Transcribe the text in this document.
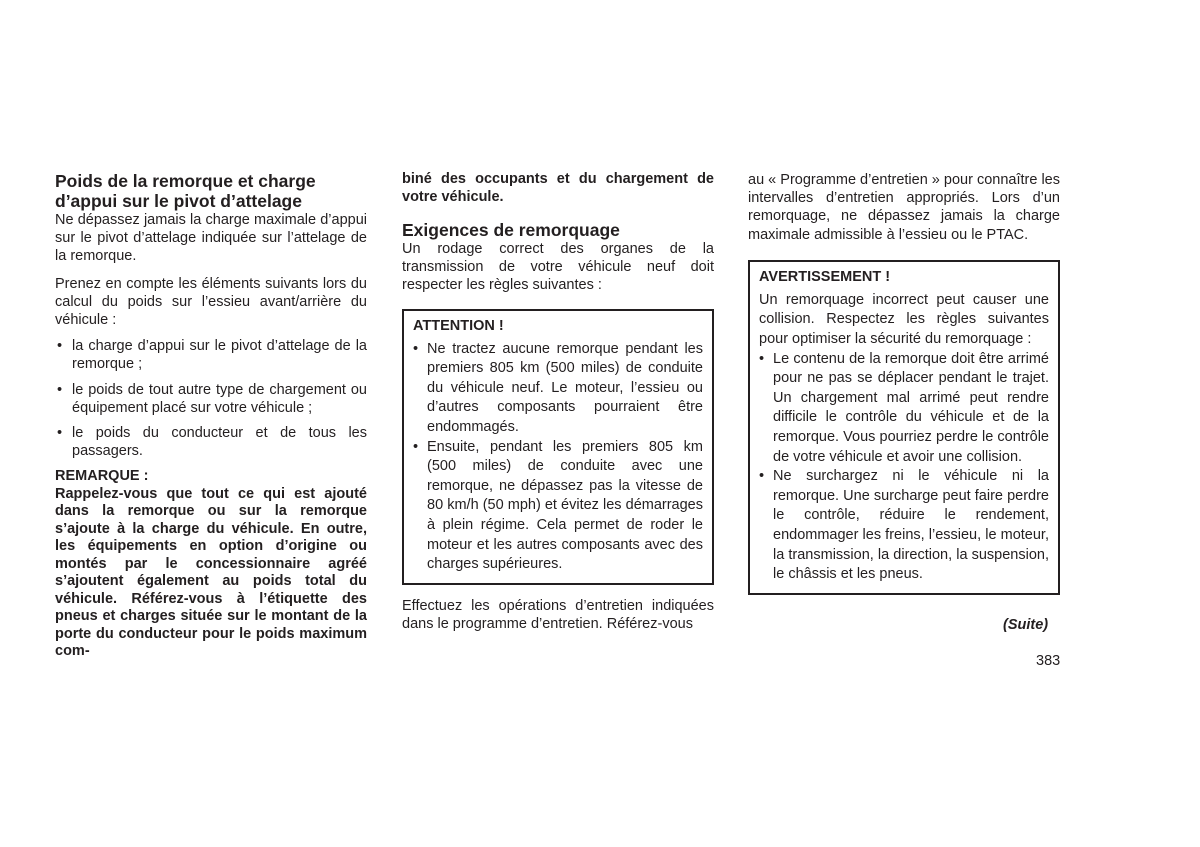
Poids de la remorque et charge d’appui sur le pivot d’attelage

Ne dépassez jamais la charge maximale d’appui sur le pivot d’attelage indiquée sur l’attelage de la remorque.

Prenez en compte les éléments suivants lors du calcul du poids sur l’essieu avant/arrière du véhicule :

• la charge d’appui sur le pivot d’attelage de la remorque ;
• le poids de tout autre type de chargement ou équipement placé sur votre véhicule ;
• le poids du conducteur et de tous les passagers.
REMARQUE :
Rappelez-vous que tout ce qui est ajouté dans la remorque ou sur la remorque s’ajoute à la charge du véhicule. En outre, les équipements en option d’origine ou montés par le concessionnaire agréé s’ajoutent également au poids total du véhicule. Référez-vous à l’étiquette des pneus et charges située sur le montant de la porte du conducteur pour le poids maximum com-
biné des occupants et du chargement de votre véhicule.
Exigences de remorquage

Un rodage correct des organes de la transmission de votre véhicule neuf doit respecter les règles suivantes :

ATTENTION !
• Ne tractez aucune remorque pendant les premiers 805 km (500 miles) de conduite du véhicule neuf. Le moteur, l’essieu ou d’autres composants pourraient être endommagés.
• Ensuite, pendant les premiers 805 km (500 miles) de conduite avec une remorque, ne dépassez pas la vitesse de 80 km/h (50 mph) et évitez les démarrages à plein régime. Cela permet de roder le moteur et les autres composants avec des charges supérieures.

Effectuez les opérations d’entretien indiquées dans le programme d’entretien. Référez-vous

au « Programme d’entretien » pour connaître les intervalles d’entretien appropriés. Lors d’un remorquage, ne dépassez jamais la charge maximale admissible à l’essieu ou le PTAC.

AVERTISSEMENT !

Un remorquage incorrect peut causer une collision. Respectez les règles suivantes pour optimiser la sécurité du remorquage :

• Le contenu de la remorque doit être arrimé pour ne pas se déplacer pendant le trajet. Un chargement mal arrimé peut rendre difficile le contrôle du véhicule et de la remorque. Vous pourriez perdre le contrôle de votre véhicule et avoir une collision.
• Ne surchargez ni le véhicule ni la remorque. Une surcharge peut faire perdre le contrôle, réduire le rendement, endommager les freins, l’essieu, le moteur, la transmission, la direction, la suspension, le châssis et les pneus.
(Suite)
383
